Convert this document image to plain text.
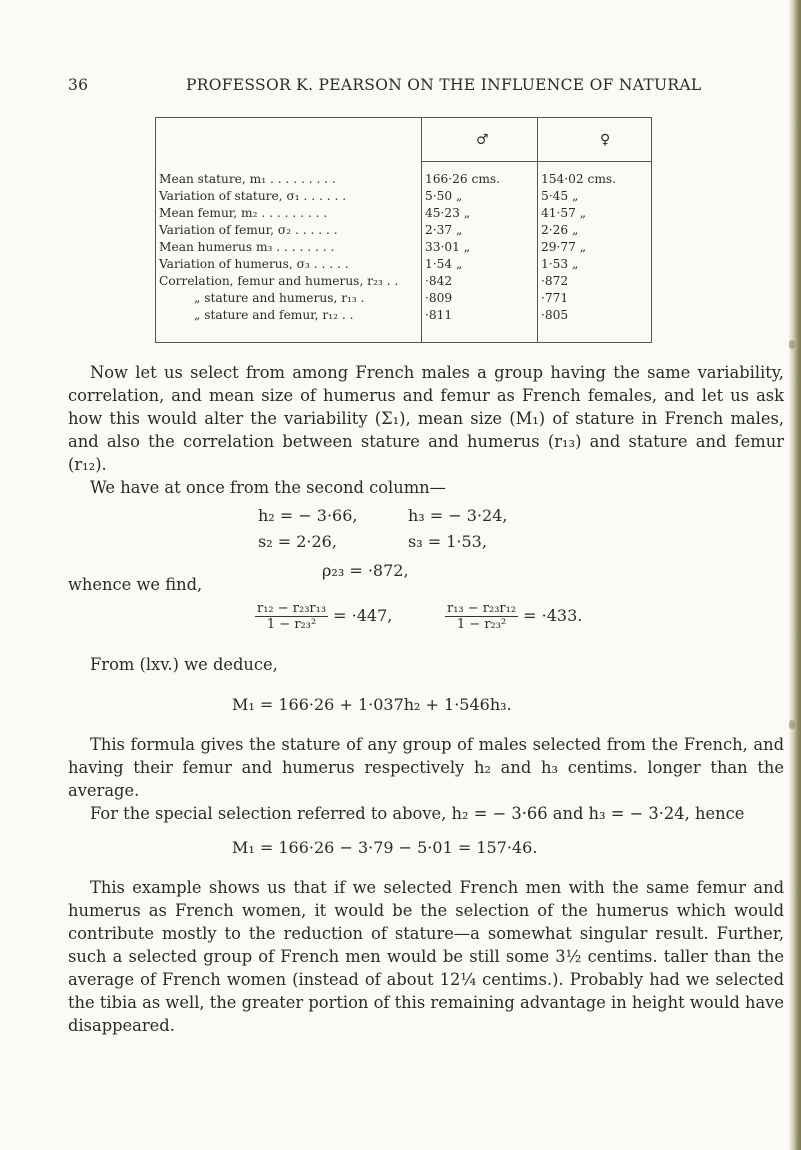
36	PROFESSOR K. PEARSON ON THE INFLUENCE OF NATURAL
♂	♀
Mean stature, m₁ . . . . . . . . .	166·26 cms.	154·02 cms.
Variation of stature, σ₁ . . . . . .	5·50 „	5·45 „
Mean femur, m₂ . . . . . . . . .	45·23 „	41·57 „
Variation of femur, σ₂ . . . . . .	2·37 „	2·26 „
Mean humerus m₃ . . . . . . . .	33·01 „	29·77 „
Variation of humerus, σ₃ . . . . .	1·54 „	1·53 „
Correlation, femur and humerus, r₂₃ . . ·842	·872
„ stature and humerus, r₁₃ .	·809	·771
„ stature and femur, r₁₂ . .	·811	·805

Now let us select from among French males a group having the same variability, correlation, and mean size of humerus and femur as French females, and let us ask how this would alter the variability (Σ₁), mean size (M₁) of stature in French males, and also the correlation between stature and humerus (r₁₃) and stature and femur (r₁₂).

We have at once from the second column—

h₂ = − 3·66,	h₃ = − 3·24,
s₂ = 2·26,	s₃ = 1·53,
ρ₂₃ = ·872,
whence we find,
$\frac{\text{r₁₂ − r₂₃r₁₃}}{\text{1 − r₂₃²}} = \cdot 447$,	$\frac{\text{r₁₃ − r₂₃r₁₂}}{\text{1 − r₂₃²}} = \cdot 433$.
From (lxv.) we deduce,
M₁ = 166·26 + 1·037h₂ + 1·546h₃.

This formula gives the stature of any group of males selected from the French, and having their femur and humerus respectively h₂ and h₃ centims. longer than the average.

For the special selection referred to above, h₂ = − 3·66 and h₃ = − 3·24, hence

M₁ = 166·26 − 3·79 − 5·01 = 157·46.

This example shows us that if we selected French men with the same femur and humerus as French women, it would be the selection of the humerus which would contribute mostly to the reduction of stature—a somewhat singular result. Further, such a selected group of French men would be still some 3½ centims. taller than the average of French women (instead of about 12¼ centims.). Probably had we selected the tibia as well, the greater portion of this remaining advantage in height would have disappeared.
